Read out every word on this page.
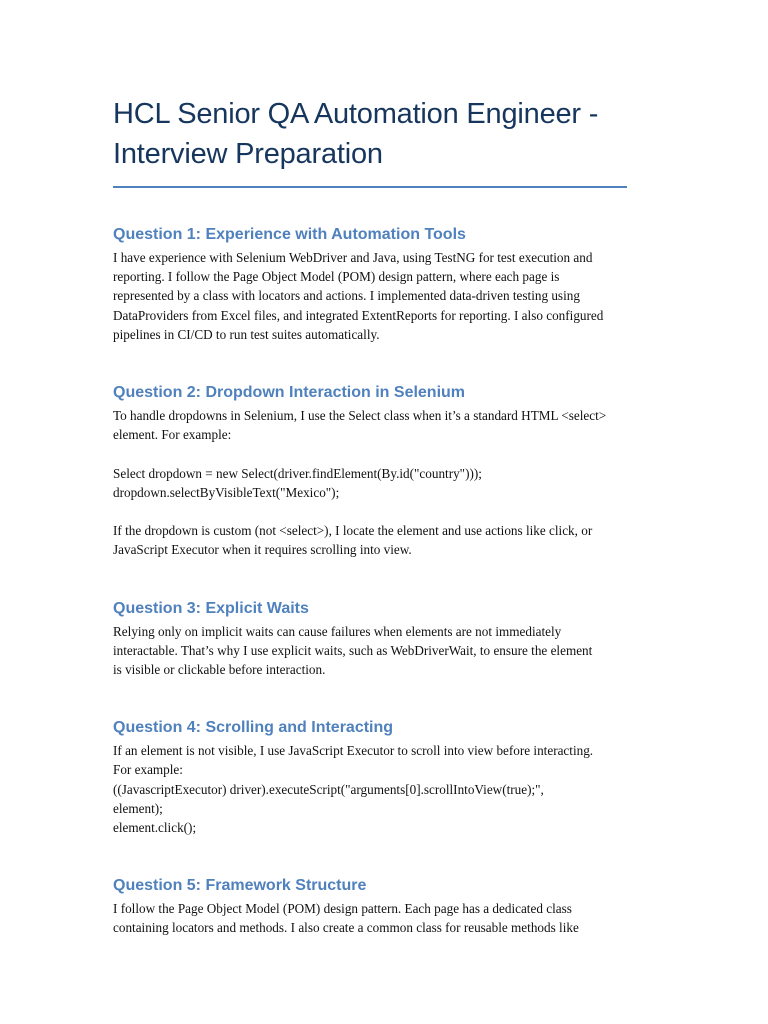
HCL Senior QA Automation Engineer -
Interview Preparation
Question 1: Experience with Automation Tools
I have experience with Selenium WebDriver and Java, using TestNG for test execution and
reporting. I follow the Page Object Model (POM) design pattern, where each page is
represented by a class with locators and actions. I implemented data-driven testing using
DataProviders from Excel files, and integrated ExtentReports for reporting. I also configured
pipelines in CI/CD to run test suites automatically.
Question 2: Dropdown Interaction in Selenium
To handle dropdowns in Selenium, I use the Select class when it’s a standard HTML <select>
element. For example:
Select dropdown = new Select(driver.findElement(By.id("country")));
dropdown.selectByVisibleText("Mexico");
If the dropdown is custom (not <select>), I locate the element and use actions like click, or
JavaScript Executor when it requires scrolling into view.
Question 3: Explicit Waits
Relying only on implicit waits can cause failures when elements are not immediately
interactable. That’s why I use explicit waits, such as WebDriverWait, to ensure the element
is visible or clickable before interaction.
Question 4: Scrolling and Interacting
If an element is not visible, I use JavaScript Executor to scroll into view before interacting.
For example:
((JavascriptExecutor) driver).executeScript("arguments[0].scrollIntoView(true);",
element);
element.click();
Question 5: Framework Structure
I follow the Page Object Model (POM) design pattern. Each page has a dedicated class
containing locators and methods. I also create a common class for reusable methods like
